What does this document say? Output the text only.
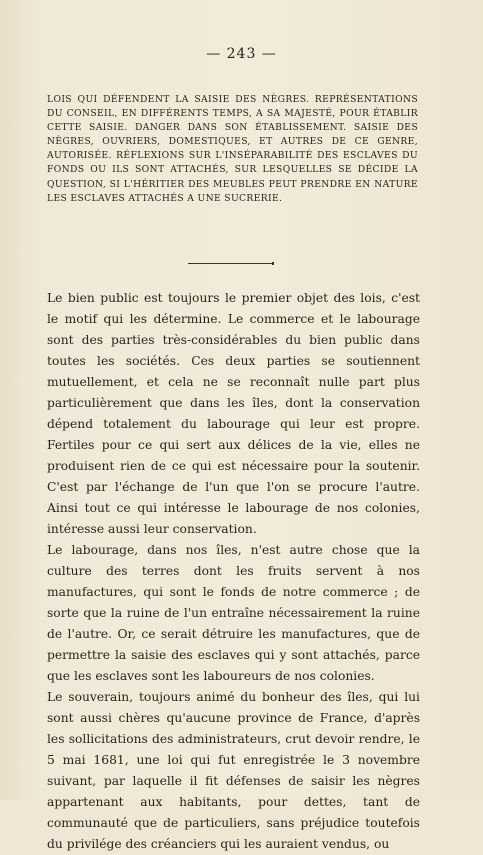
— 243 —
LOIS QUI DÉFENDENT LA SAISIE DES NÈGRES. REPRÉSENTATIONS DU CONSEIL, EN DIFFÉRENTS TEMPS, A SA MAJESTÉ, POUR ÉTABLIR CETTE SAISIE. DANGER DANS SON ÉTABLISSEMENT. SAISIE DES NÈGRES, OUVRIERS, DOMESTIQUES, ET AUTRES DE CE GENRE, AUTORISÉE. RÉFLEXIONS SUR L'INSÉPARABILITÉ DES ESCLAVES DU FONDS OU ILS SONT ATTACHÉS, SUR LESQUELLES SE DÉCIDE LA QUESTION, SI L'HÉRITIER DES MEUBLES PEUT PRENDRE EN NATURE LES ESCLAVES ATTACHÉS A UNE SUCRERIE.

Le bien public est toujours le premier objet des lois, c'est le motif qui les détermine. Le commerce et le labourage sont des parties très-considérables du bien public dans toutes les sociétés. Ces deux parties se soutiennent mutuellement, et cela ne se reconnaît nulle part plus particulièrement que dans les îles, dont la conservation dépend totalement du labourage qui leur est propre. Fertiles pour ce qui sert aux délices de la vie, elles ne produisent rien de ce qui est nécessaire pour la soutenir. C'est par l'échange de l'un que l'on se procure l'autre. Ainsi tout ce qui intéresse le labourage de nos colonies, intéresse aussi leur conservation.

Le labourage, dans nos îles, n'est autre chose que la culture des terres dont les fruits servent à nos manufactures, qui sont le fonds de notre commerce ; de sorte que la ruine de l'un entraîne nécessairement la ruine de l'autre. Or, ce serait détruire les manufactures, que de permettre la saisie des esclaves qui y sont attachés, parce que les esclaves sont les laboureurs de nos colonies.

Le souverain, toujours animé du bonheur des îles, qui lui sont aussi chères qu'aucune province de France, d'après les sollicitations des administrateurs, crut devoir rendre, le 5 mai 1681, une loi qui fut enregistrée le 3 novembre suivant, par laquelle il fit défenses de saisir les nègres appartenant aux habitants, pour dettes, tant de communauté que de particuliers, sans préjudice toutefois du privilége des créanciers qui les auraient vendus, ou
